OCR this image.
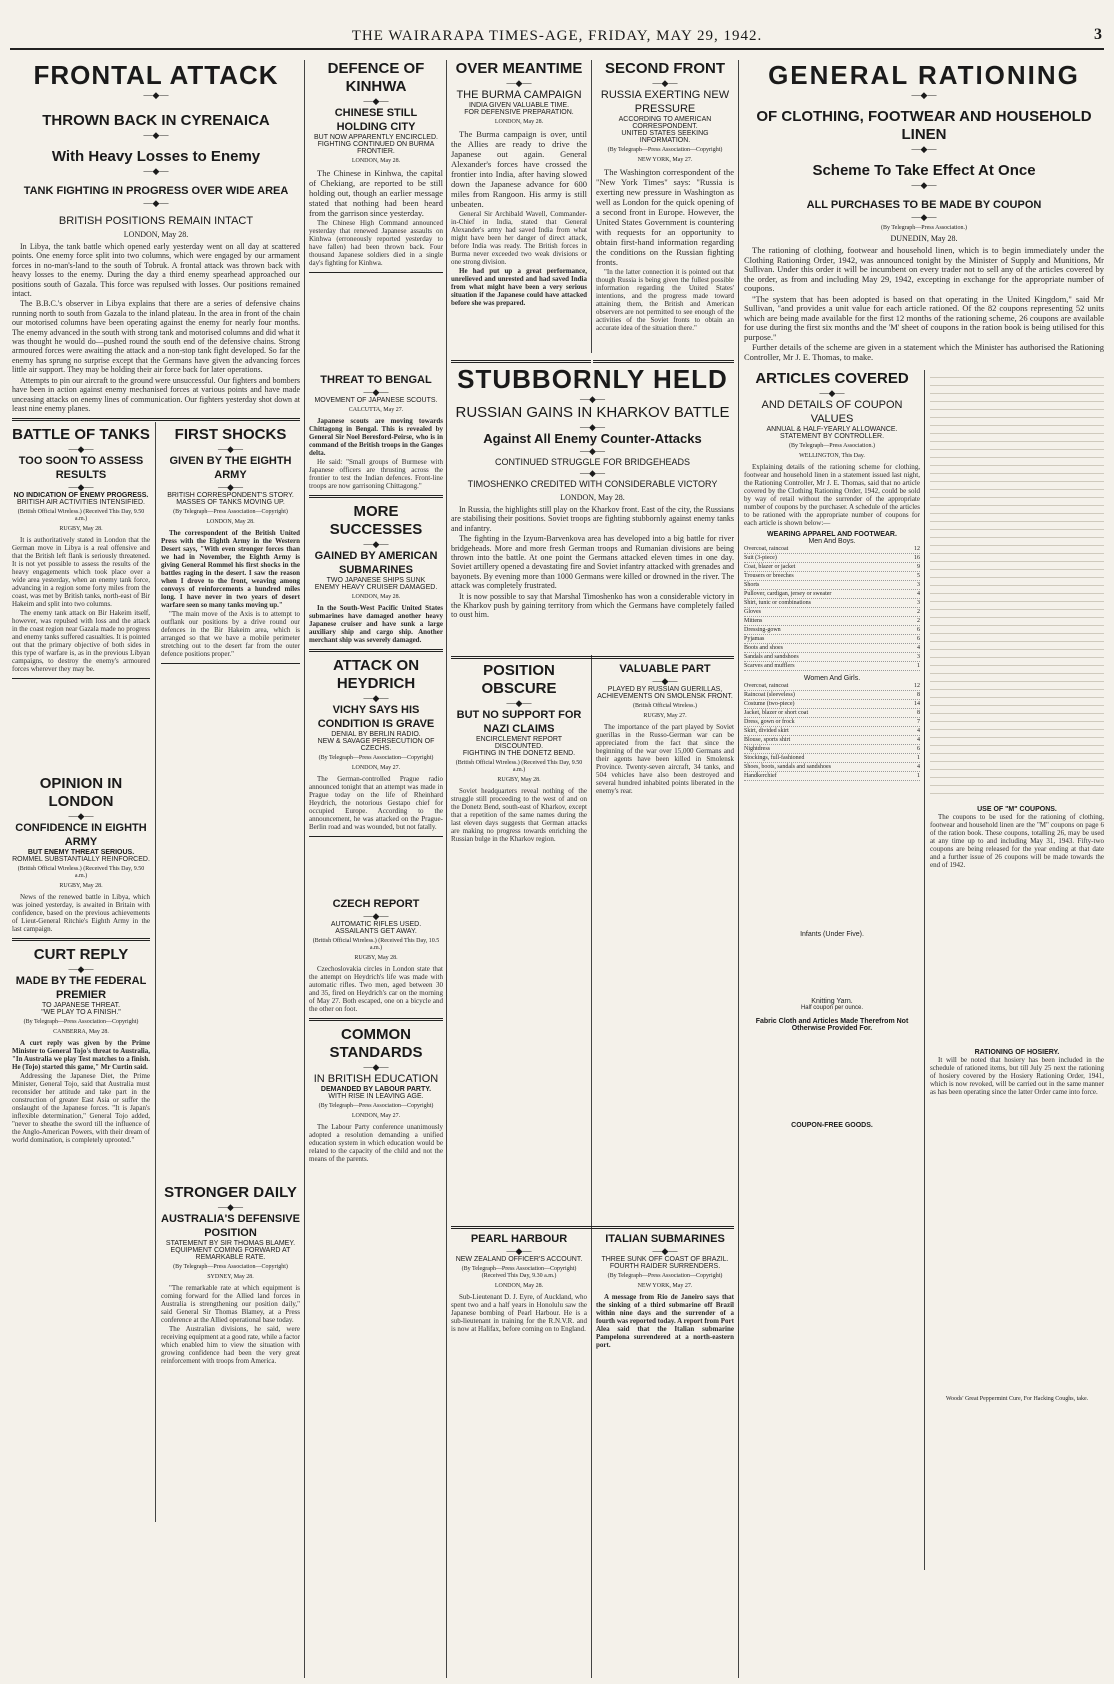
THE WAIRARAPA TIMES-AGE, FRIDAY, MAY 29, 1942.	3
FRONTAL ATTACK
—◆—
THROWN BACK IN CYRENAICA
—◆—
With Heavy Losses to Enemy
—◆—
TANK FIGHTING IN PROGRESS OVER WIDE AREA
—◆—
BRITISH POSITIONS REMAIN INTACT
LONDON, May 28.

In Libya, the tank battle which opened early yesterday went on all day at scattered points. One enemy force split into two columns, which were engaged by our armament forces in no-man's-land to the south of Tobruk. A frontal attack was thrown back with heavy losses to the enemy. During the day a third enemy spearhead approached our positions south of Gazala. This force was repulsed with losses. Our positions remained intact.

The B.B.C.'s observer in Libya explains that there are a series of defensive chains running north to south from Gazala to the inland plateau. In the area in front of the chain our motorised columns have been operating against the enemy for nearly four months. The enemy advanced in the south with strong tank and motorised columns and did what it was thought he would do—pushed round the south end of the defensive chains. Strong armoured forces were awaiting the attack and a non-stop tank fight developed. So far the enemy has sprung no surprise except that the Germans have given the advancing forces little air support. They may be holding their air force back for later operations.

Attempts to pin our aircraft to the ground were unsuccessful. Our fighters and bombers have been in action against enemy mechanised forces at various points and have made unceasing attacks on enemy lines of communication. Our fighters yesterday shot down at least nine enemy planes.

BATTLE OF TANKS
—◆—
TOO SOON TO ASSESS RESULTS
—◆—
NO INDICATION OF ENEMY PROGRESS.
BRITISH AIR ACTIVITIES INTENSIFIED.
(British Official Wireless.) (Received This Day, 9.50 a.m.)
RUGBY, May 28.

It is authoritatively stated in London that the German move in Libya is a real offensive and that the British left flank is seriously threatened. It is not yet possible to assess the results of the heavy engagements which took place over a wide area yesterday, when an enemy tank force, advancing in a region some forty miles from the coast, was met by British tanks, north-east of Bir Hakeim and split into two columns.

The enemy tank attack on Bir Hakeim itself, however, was repulsed with loss and the attack in the coast region near Gazala made no progress and enemy tanks suffered casualties. It is pointed out that the primary objective of both sides in this type of warfare is, as in the previous Libyan campaigns, to destroy the enemy's armoured forces wherever they may be.

OPINION IN LONDON
—◆—
CONFIDENCE IN EIGHTH ARMY
BUT ENEMY THREAT SERIOUS.
ROMMEL SUBSTANTIALLY REINFORCED.
(British Official Wireless.) (Received This Day, 9.50 a.m.)
RUGBY, May 28.

News of the renewed battle in Libya, which was joined yesterday, is awaited in Britain with confidence, based on the previous achievements of Lieut-General Ritchie's Eighth Army in the last campaign.

CURT REPLY
—◆—
MADE BY THE FEDERAL PREMIER
TO JAPANESE THREAT.
"WE PLAY TO A FINISH."
(By Telegraph—Press Association—Copyright)
CANBERRA, May 28.

A curt reply was given by the Prime Minister to General Tojo's threat to Australia, "In Australia we play Test matches to a finish. He (Tojo) started this game," Mr Curtin said.

Addressing the Japanese Diet, the Prime Minister, General Tojo, said that Australia must reconsider her attitude and take part in the construction of greater East Asia or suffer the onslaught of the Japanese forces. "It is Japan's inflexible determination," General Tojo added, "never to sheathe the sword till the influence of the Anglo-American Powers, with their dream of world domination, is completely uprooted."

FIRST SHOCKS
—◆—
GIVEN BY THE EIGHTH ARMY
—◆—
BRITISH CORRESPONDENT'S STORY.
MASSES OF TANKS MOVING UP.
(By Telegraph—Press Association—Copyright)
LONDON, May 28.

The correspondent of the British United Press with the Eighth Army in the Western Desert says, "With even stronger forces than we had in November, the Eighth Army is giving General Rommel his first shocks in the battles raging in the desert. I saw the reason when I drove to the front, weaving among convoys of reinforcements a hundred miles long. I have never in two years of desert warfare seen so many tanks moving up."

"The main move of the Axis is to attempt to outflank our positions by a drive round our defences in the Bir Hakeim area, which is arranged so that we have a mobile perimeter stretching out to the desert far from the outer defence positions proper."

STRONGER DAILY
—◆—
AUSTRALIA'S DEFENSIVE POSITION
STATEMENT BY SIR THOMAS BLAMEY.
EQUIPMENT COMING FORWARD AT REMARKABLE RATE.
(By Telegraph—Press Association—Copyright)
SYDNEY, May 28.

"The remarkable rate at which equipment is coming forward for the Allied land forces in Australia is strengthening our position daily," said General Sir Thomas Blamey, at a Press conference at the Allied operational base today.

The Australian divisions, he said, were receiving equipment at a good rate, while a factor which enabled him to view the situation with growing confidence had been the very great reinforcement with troops from America.

DEFENCE OF KINHWA
—◆—
CHINESE STILL HOLDING CITY
BUT NOW APPARENTLY ENCIRCLED.
FIGHTING CONTINUED ON BURMA FRONTIER.
LONDON, May 28.

The Chinese in Kinhwa, the capital of Chekiang, are reported to be still holding out, though an earlier message stated that nothing had been heard from the garrison since yesterday.

The Chinese High Command announced yesterday that renewed Japanese assaults on Kinhwa (erroneously reported yesterday to have fallen) had been thrown back. Four thousand Japanese soldiers died in a single day's fighting for Kinhwa.

THREAT TO BENGAL
—◆—
MOVEMENT OF JAPANESE SCOUTS.
CALCUTTA, May 27.

Japanese scouts are moving towards Chittagong in Bengal. This is revealed by General Sir Noel Beresford-Peirse, who is in command of the British troops in the Ganges delta.

He said: "Small groups of Burmese with Japanese officers are thrusting across the frontier to test the Indian defences. Front-line troops are now garrisoning Chittagong."

MORE SUCCESSES
—◆—
GAINED BY AMERICAN SUBMARINES
TWO JAPANESE SHIPS SUNK
ENEMY HEAVY CRUISER DAMAGED.
LONDON, May 28.

In the South-West Pacific United States submarines have damaged another heavy Japanese cruiser and have sunk a large auxiliary ship and cargo ship. Another merchant ship was severely damaged.

ATTACK ON HEYDRICH
—◆—
VICHY SAYS HIS CONDITION IS GRAVE
DENIAL BY BERLIN RADIO.
NEW & SAVAGE PERSECUTION OF CZECHS.
(By Telegraph—Press Association—Copyright)
LONDON, May 27.

The German-controlled Prague radio announced tonight that an attempt was made in Prague today on the life of Rheinhard Heydrich, the notorious Gestapo chief for occupied Europe. According to the announcement, he was attacked on the Prague-Berlin road and was wounded, but not fatally.

CZECH REPORT
—◆—
AUTOMATIC RIFLES USED.
ASSAILANTS GET AWAY.
(British Official Wireless.) (Received This Day, 10.5 a.m.)
RUGBY, May 28.

Czechoslovakia circles in London state that the attempt on Heydrich's life was made with automatic rifles. Two men, aged between 30 and 35, fired on Heydrich's car on the morning of May 27. Both escaped, one on a bicycle and the other on foot.

COMMON STANDARDS
—◆—
IN BRITISH EDUCATION
DEMANDED BY LABOUR PARTY.
WITH RISE IN LEAVING AGE.
(By Telegraph—Press Association—Copyright)
LONDON, May 27.

The Labour Party conference unanimously adopted a resolution demanding a unified education system in which education would be related to the capacity of the child and not the means of the parents.

OVER MEANTIME
—◆—
THE BURMA CAMPAIGN
INDIA GIVEN VALUABLE TIME.
FOR DEFENSIVE PREPARATION.
LONDON, May 28.

The Burma campaign is over, until the Allies are ready to drive the Japanese out again. General Alexander's forces have crossed the frontier into India, after having slowed down the Japanese advance for 600 miles from Rangoon. His army is still unbeaten.

General Sir Archibald Wavell, Commander-in-Chief in India, stated that General Alexander's army had saved India from what might have been her danger of direct attack, before India was ready. The British forces in Burma never exceeded two weak divisions or one strong division.

He had put up a great performance, unrelieved and unrested and had saved India from what might have been a very serious situation if the Japanese could have attacked before she was prepared.

SECOND FRONT
—◆—
RUSSIA EXERTING NEW PRESSURE
ACCORDING TO AMERICAN CORRESPONDENT.
UNITED STATES SEEKING INFORMATION.
(By Telegraph—Press Association—Copyright)
NEW YORK, May 27.

The Washington correspondent of the "New York Times" says: "Russia is exerting new pressure in Washington as well as London for the quick opening of a second front in Europe. However, the United States Government is countering with requests for an opportunity to obtain first-hand information regarding the conditions on the Russian fighting fronts.

"In the latter connection it is pointed out that though Russia is being given the fullest possible information regarding the United States' intentions, and the progress made toward attaining them, the British and American observers are not permitted to see enough of the activities of the Soviet fronts to obtain an accurate idea of the situation there."

STUBBORNLY HELD
—◆—
RUSSIAN GAINS IN KHARKOV BATTLE
—◆—
Against All Enemy Counter-Attacks
—◆—
CONTINUED STRUGGLE FOR BRIDGEHEADS
—◆—
TIMOSHENKO CREDITED WITH CONSIDERABLE VICTORY
LONDON, May 28.

In Russia, the highlights still play on the Kharkov front. East of the city, the Russians are stabilising their positions. Soviet troops are fighting stubbornly against enemy tanks and infantry.

The fighting in the Izyum-Barvenkova area has developed into a big battle for river bridgeheads. More and more fresh German troops and Rumanian divisions are being thrown into the battle. At one point the Germans attacked eleven times in one day. Soviet artillery opened a devastating fire and Soviet infantry attacked with grenades and bayonets. By evening more than 1000 Germans were killed or drowned in the river. The attack was completely frustrated.

It is now possible to say that Marshal Timoshenko has won a considerable victory in the Kharkov push by gaining territory from which the Germans have completely failed to oust him.

POSITION OBSCURE
—◆—
BUT NO SUPPORT FOR NAZI CLAIMS
ENCIRCLEMENT REPORT DISCOUNTED.
FIGHTING IN THE DONETZ BEND.
(British Official Wireless.) (Received This Day, 9.50 a.m.)
RUGBY, May 28.

Soviet headquarters reveal nothing of the struggle still proceeding to the west of and on the Donetz Bend, south-east of Kharkov, except that a repetition of the same names during the last eleven days suggests that German attacks are making no progress towards enriching the Russian bulge in the Kharkov region.

VALUABLE PART
—◆—
PLAYED BY RUSSIAN GUERILLAS,
ACHIEVEMENTS ON SMOLENSK FRONT.
(British Official Wireless.)
RUGBY, May 27.

The importance of the part played by Soviet guerillas in the Russo-German war can be appreciated from the fact that since the beginning of the war over 15,000 Germans and their agents have been killed in Smolensk Province. Twenty-seven aircraft, 34 tanks, and 504 vehicles have also been destroyed and several hundred inhabited points liberated in the enemy's rear.

PEARL HARBOUR
—◆—
NEW ZEALAND OFFICER'S ACCOUNT.
(By Telegraph—Press Association—Copyright) (Received This Day, 9.30 a.m.)
LONDON, May 28.

Sub-Lieutenant D. J. Eyre, of Auckland, who spent two and a half years in Honolulu saw the Japanese bombing of Pearl Harbour. He is a sub-lieutenant in training for the R.N.V.R. and is now at Halifax, before coming on to England.

ITALIAN SUBMARINES
—◆—
THREE SUNK OFF COAST OF BRAZIL.
FOURTH RAIDER SURRENDERS.
(By Telegraph—Press Association—Copyright)
NEW YORK, May 27.

A message from Rio de Janeiro says that the sinking of a third submarine off Brazil within nine days and the surrender of a fourth was reported today. A report from Port Alea said that the Italian submarine Pampelona surrendered at a north-eastern port.

GENERAL RATIONING
—◆—
OF CLOTHING, FOOTWEAR AND HOUSEHOLD LINEN
—◆—
Scheme To Take Effect At Once
—◆—
ALL PURCHASES TO BE MADE BY COUPON
—◆—
(By Telegraph—Press Association.)
DUNEDIN, May 28.

The rationing of clothing, footwear and household linen, which is to begin immediately under the Clothing Rationing Order, 1942, was announced tonight by the Minister of Supply and Munitions, Mr Sullivan. Under this order it will be incumbent on every trader not to sell any of the articles covered by the order, as from and including May 29, 1942, excepting in exchange for the appropriate number of coupons.

"The system that has been adopted is based on that operating in the United Kingdom," said Mr Sullivan, "and provides a unit value for each article rationed. Of the 82 coupons representing 52 units which are being made available for the first 12 months of the rationing scheme, 26 coupons are available for use during the first six months and the 'M' sheet of coupons in the ration book is being utilised for this purpose."

Further details of the scheme are given in a statement which the Minister has authorised the Rationing Controller, Mr J. E. Thomas, to make.

ARTICLES COVERED
—◆—
AND DETAILS OF COUPON VALUES
ANNUAL & HALF-YEARLY ALLOWANCE.
STATEMENT BY CONTROLLER.
(By Telegraph—Press Association.)
WELLINGTON, This Day.

Explaining details of the rationing scheme for clothing, footwear and household linen in a statement issued last night, the Rationing Controller, Mr J. E. Thomas, said that no article covered by the Clothing Rationing Order, 1942, could be sold by way of retail without the surrender of the appropriate number of coupons by the purchaser. A schedule of the articles to be rationed with the appropriate number of coupons for each article is shown below:—

WEARING APPAREL AND FOOTWEAR.
Men And Boys.
Overcoat, raincoat	12
Suit (3-piece)	16
Coat, blazer or jacket	9
Trousers or breeches	5
Shorts	3
Pullover, cardigan, jersey or sweater	4
Shirt, tunic or combinations	3
Gloves	2
Mittens	2
Dressing-gown	6
Pyjamas	6
Boots and shoes	4
Sandals and sandshoes	3
Scarves and mufflers	1
Women And Girls.
Overcoat, raincoat	12
Raincoat (sleeveless)	8
Costume (two-piece)	14
Jacket, blazer or short coat	8
Dress, gown or frock	7
Skirt, divided skirt	4
Blouse, sports shirt	4
Nightdress	6
Stockings, full-fashioned	1
Shoes, boots, sandals and sandshoes	4
Handkerchief	1
Infants (Under Five).
Knitting Yarn.
Half coupon per ounce.
Fabric Cloth and Articles Made Therefrom Not Otherwise Provided For.
COUPON-FREE GOODS.
USE OF "M" COUPONS.

The coupons to be used for the rationing of clothing, footwear and household linen are the "M" coupons on page 6 of the ration book. These coupons, totalling 26, may be used at any time up to and including May 31, 1943. Fifty-two coupons are being released for the year ending at that date and a further issue of 26 coupons will be made towards the end of 1942.

RATIONING OF HOSIERY.

It will be noted that hosiery has been included in the schedule of rationed items, but till July 25 next the rationing of hosiery covered by the Hosiery Rationing Order, 1941, which is now revoked, will be carried out in the same manner as has been operating since the latter Order came into force.

Woods' Great Peppermint Cure, For Hacking Coughs, take.
